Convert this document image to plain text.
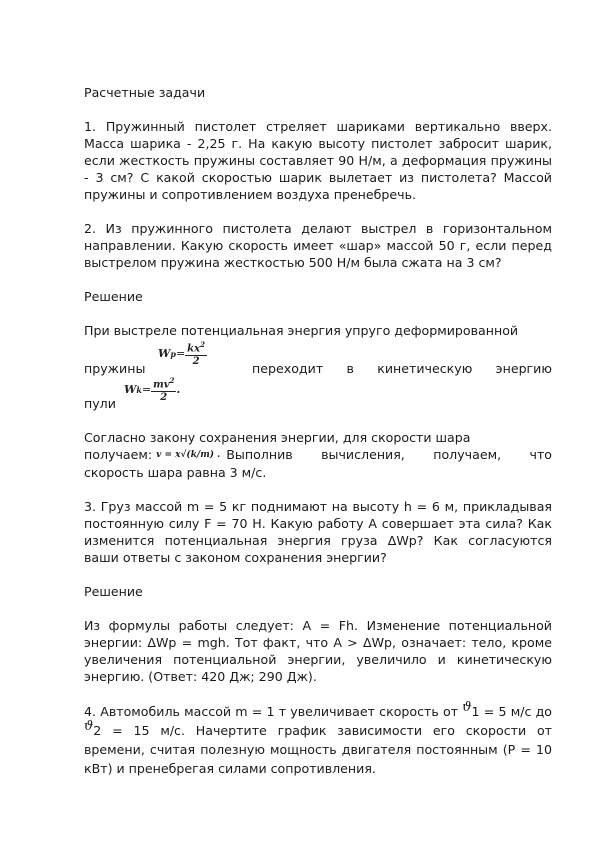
Расчетные задачи

1. Пружинный пистолет стреляет шариками вертикально вверх. Масса шарика - 2,25 г. На какую высоту пистолет забросит шарик, если жесткость пружины составляет 90 Н/м, а деформация пружины - 3 см? С какой скоростью шарик вылетает из пистолета? Массой пружины и сопротивлением воздуха пренебречь.

2. Из пружинного пистолета делают выстрел в горизонтальном направлении. Какую скорость имеет «шар» массой 50 г, если перед выстрелом пружина жесткостью 500 Н/м была сжата на 3 см?

Решение

При выстреле потенциальная энергия упруго деформированной

W $p = \frac{kx^2}{2}$
пружины	переходит в кинетическую энергию
W $k = \frac{mv^2}{2}$ .

пули

Согласно закону сохранения энергии, для скорости шара

получаем: v = x√(k/m) . Выполнив вычисления, получаем, что

скорость шара равна 3 м/с.

3. Груз массой m = 5 кг поднимают на высоту h = 6 м, прикладывая постоянную силу F = 70 Н. Какую работу А совершает эта сила? Как изменится потенциальная энергия груза ΔWp? Как согласуются ваши ответы с законом сохранения энергии?

Решение

Из формулы работы следует: А = Fh. Изменение потенциальной энергии: ΔWp = mgh. Тот факт, что А > ΔWp, означает: тело, кроме увеличения потенциальной энергии, увеличило и кинетическую энергию. (Ответ: 420 Дж; 290 Дж).

4. Автомобиль массой m = 1 т увеличивает скорость от ϑ1 = 5 м/с до ϑ2 = 15 м/с. Начертите график зависимости его скорости от времени, считая полезную мощность двигателя постоянным (Р = 10 кВт) и пренебрегая силами сопротивления.
